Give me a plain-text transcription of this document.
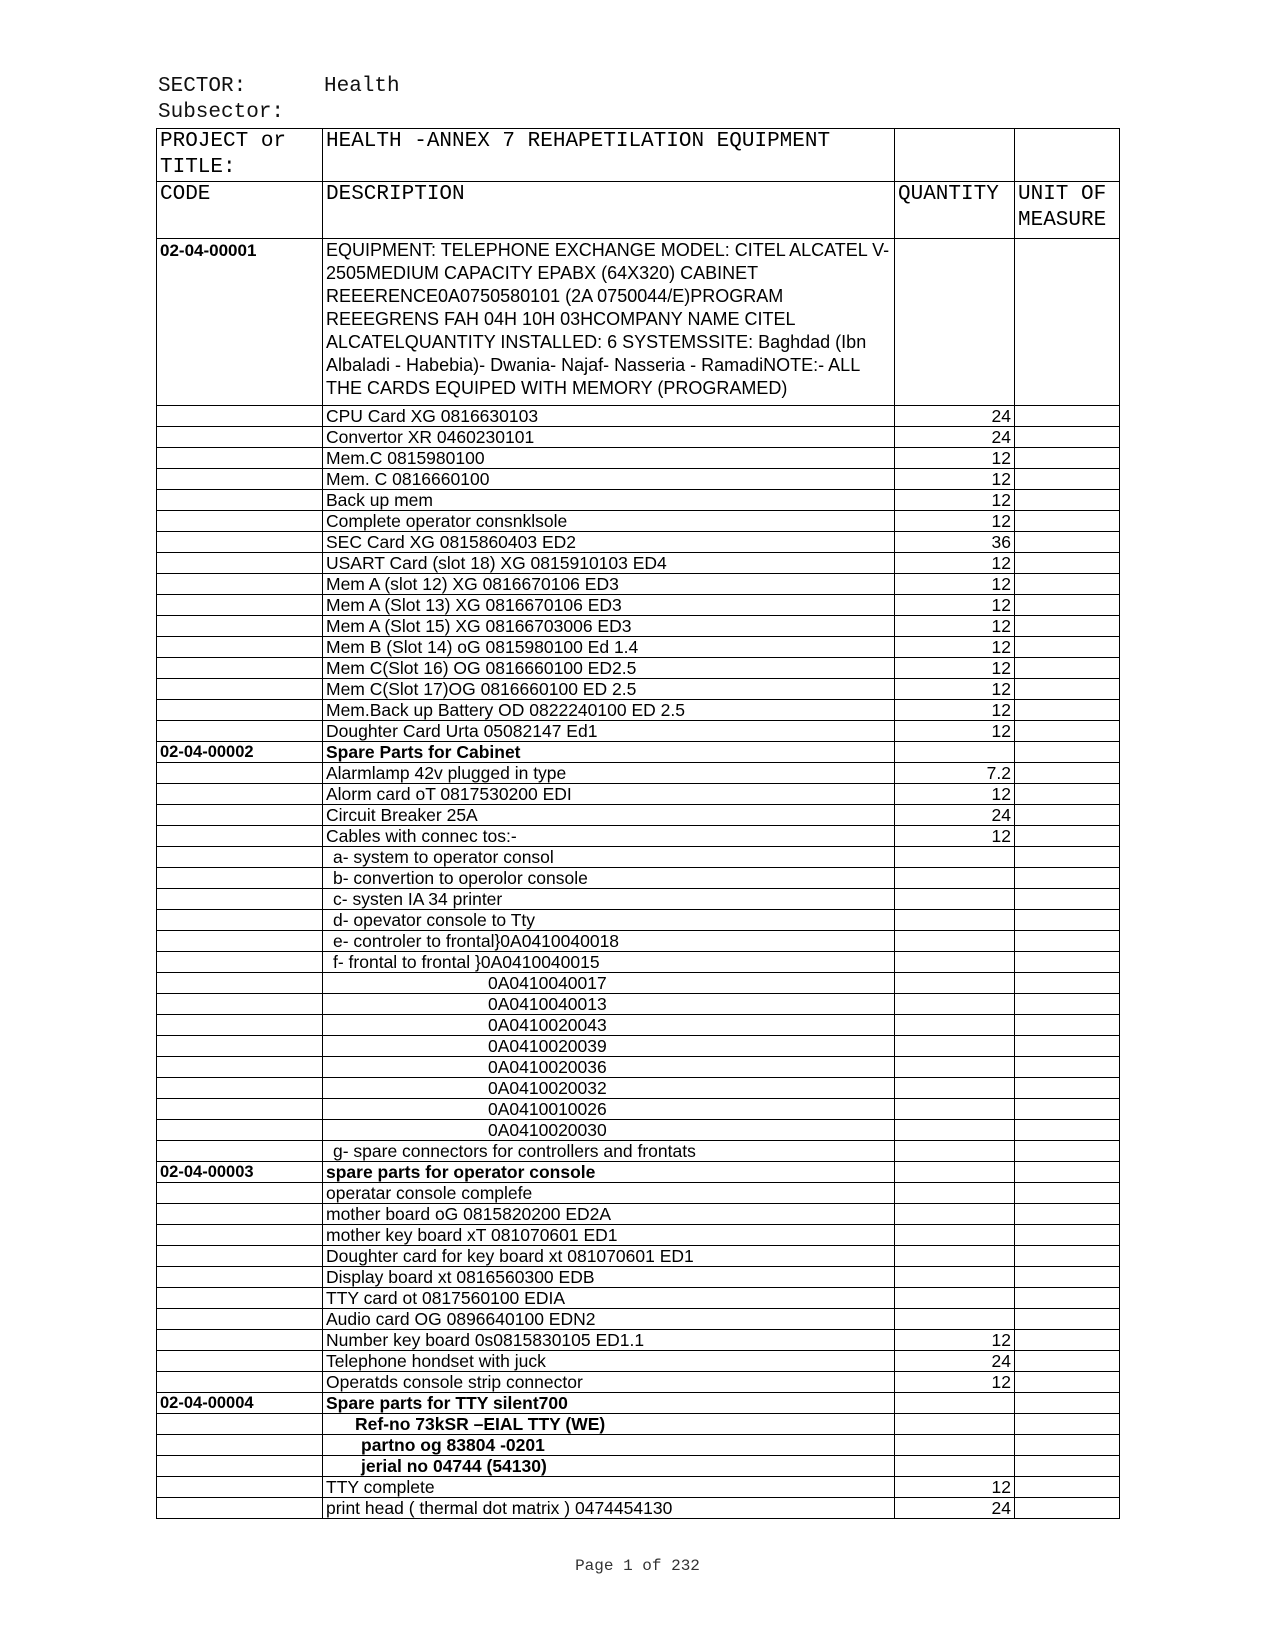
SECTOR:	Health
Subsector:
PROJECT or TITLE:	HEALTH -ANNEX 7 REHAPETILATION EQUIPMENT		
CODE	DESCRIPTION	QUANTITY	UNIT OF MEASURE
02-04-00001	EQUIPMENT: TELEPHONE EXCHANGE MODEL: CITEL ALCATEL V-2505MEDIUM CAPACITY EPABX (64X320) CABINET REEERENCE0A0750580101 (2A 0750044/E)PROGRAM REEEGRENS FAH 04H 10H 03HCOMPANY NAME CITEL ALCATELQUANTITY INSTALLED: 6 SYSTEMSSITE: Baghdad (Ibn Albaladi - Habebia)- Dwania- Najaf- Nasseria - RamadiNOTE:- ALL THE CARDS EQUIPED WITH MEMORY (PROGRAMED)		
	CPU Card XG 0816630103	24	
	Convertor XR 0460230101	24	
	Mem.C 0815980100	12	
	Mem. C 0816660100	12	
	Back up mem	12	
	Complete operator consnklsole	12	
	SEC Card XG 0815860403 ED2	36	
	USART Card (slot 18) XG 0815910103 ED4	12	
	Mem A (slot 12) XG 0816670106 ED3	12	
	Mem A (Slot 13) XG 0816670106 ED3	12	
	Mem A (Slot 15) XG 08166703006 ED3	12	
	Mem B (Slot 14) oG 0815980100 Ed 1.4	12	
	Mem C(Slot 16) OG 0816660100 ED2.5	12	
	Mem C(Slot 17)OG 0816660100 ED 2.5	12	
	Mem.Back up Battery OD 0822240100 ED 2.5	12	
	Doughter Card Urta 05082147 Ed1	12	
02-04-00002	Spare Parts for Cabinet		
	Alarmlamp 42v plugged in type	7.2	
	Alorm card oT 0817530200 EDI	12	
	Circuit Breaker 25A	24	
	Cables with connec tos:-	12	
	a- system to operator consol		
	b- convertion to operolor console		
	c- systen IA 34 printer		
	d- opevator console to Tty		
	e- controler to frontal}0A0410040018		
	f- frontal to frontal }0A0410040015		
	0A0410040017		
	0A0410040013		
	0A0410020043		
	0A0410020039		
	0A0410020036		
	0A0410020032		
	0A0410010026		
	0A0410020030		
	g- spare connectors for controllers and frontats		
02-04-00003	spare parts for operator console		
	operatar console complefe		
	mother board oG 0815820200 ED2A		
	mother key board xT 081070601 ED1		
	Doughter card for key board xt 081070601 ED1		
	Display board xt 0816560300 EDB		
	TTY card ot 0817560100 EDIA		
	Audio card OG 0896640100 EDN2		
	Number key board 0s0815830105 ED1.1	12	
	Telephone hondset with juck	24	
	Operatds console strip connector	12	
02-04-00004	Spare parts for TTY silent700		
	Ref-no 73kSR –EIAL TTY (WE)		
	partno og 83804 -0201		
	jerial no 04744 (54130)		
	TTY complete	12	
	print head ( thermal dot matrix ) 0474454130	24	
Page 1 of 232
